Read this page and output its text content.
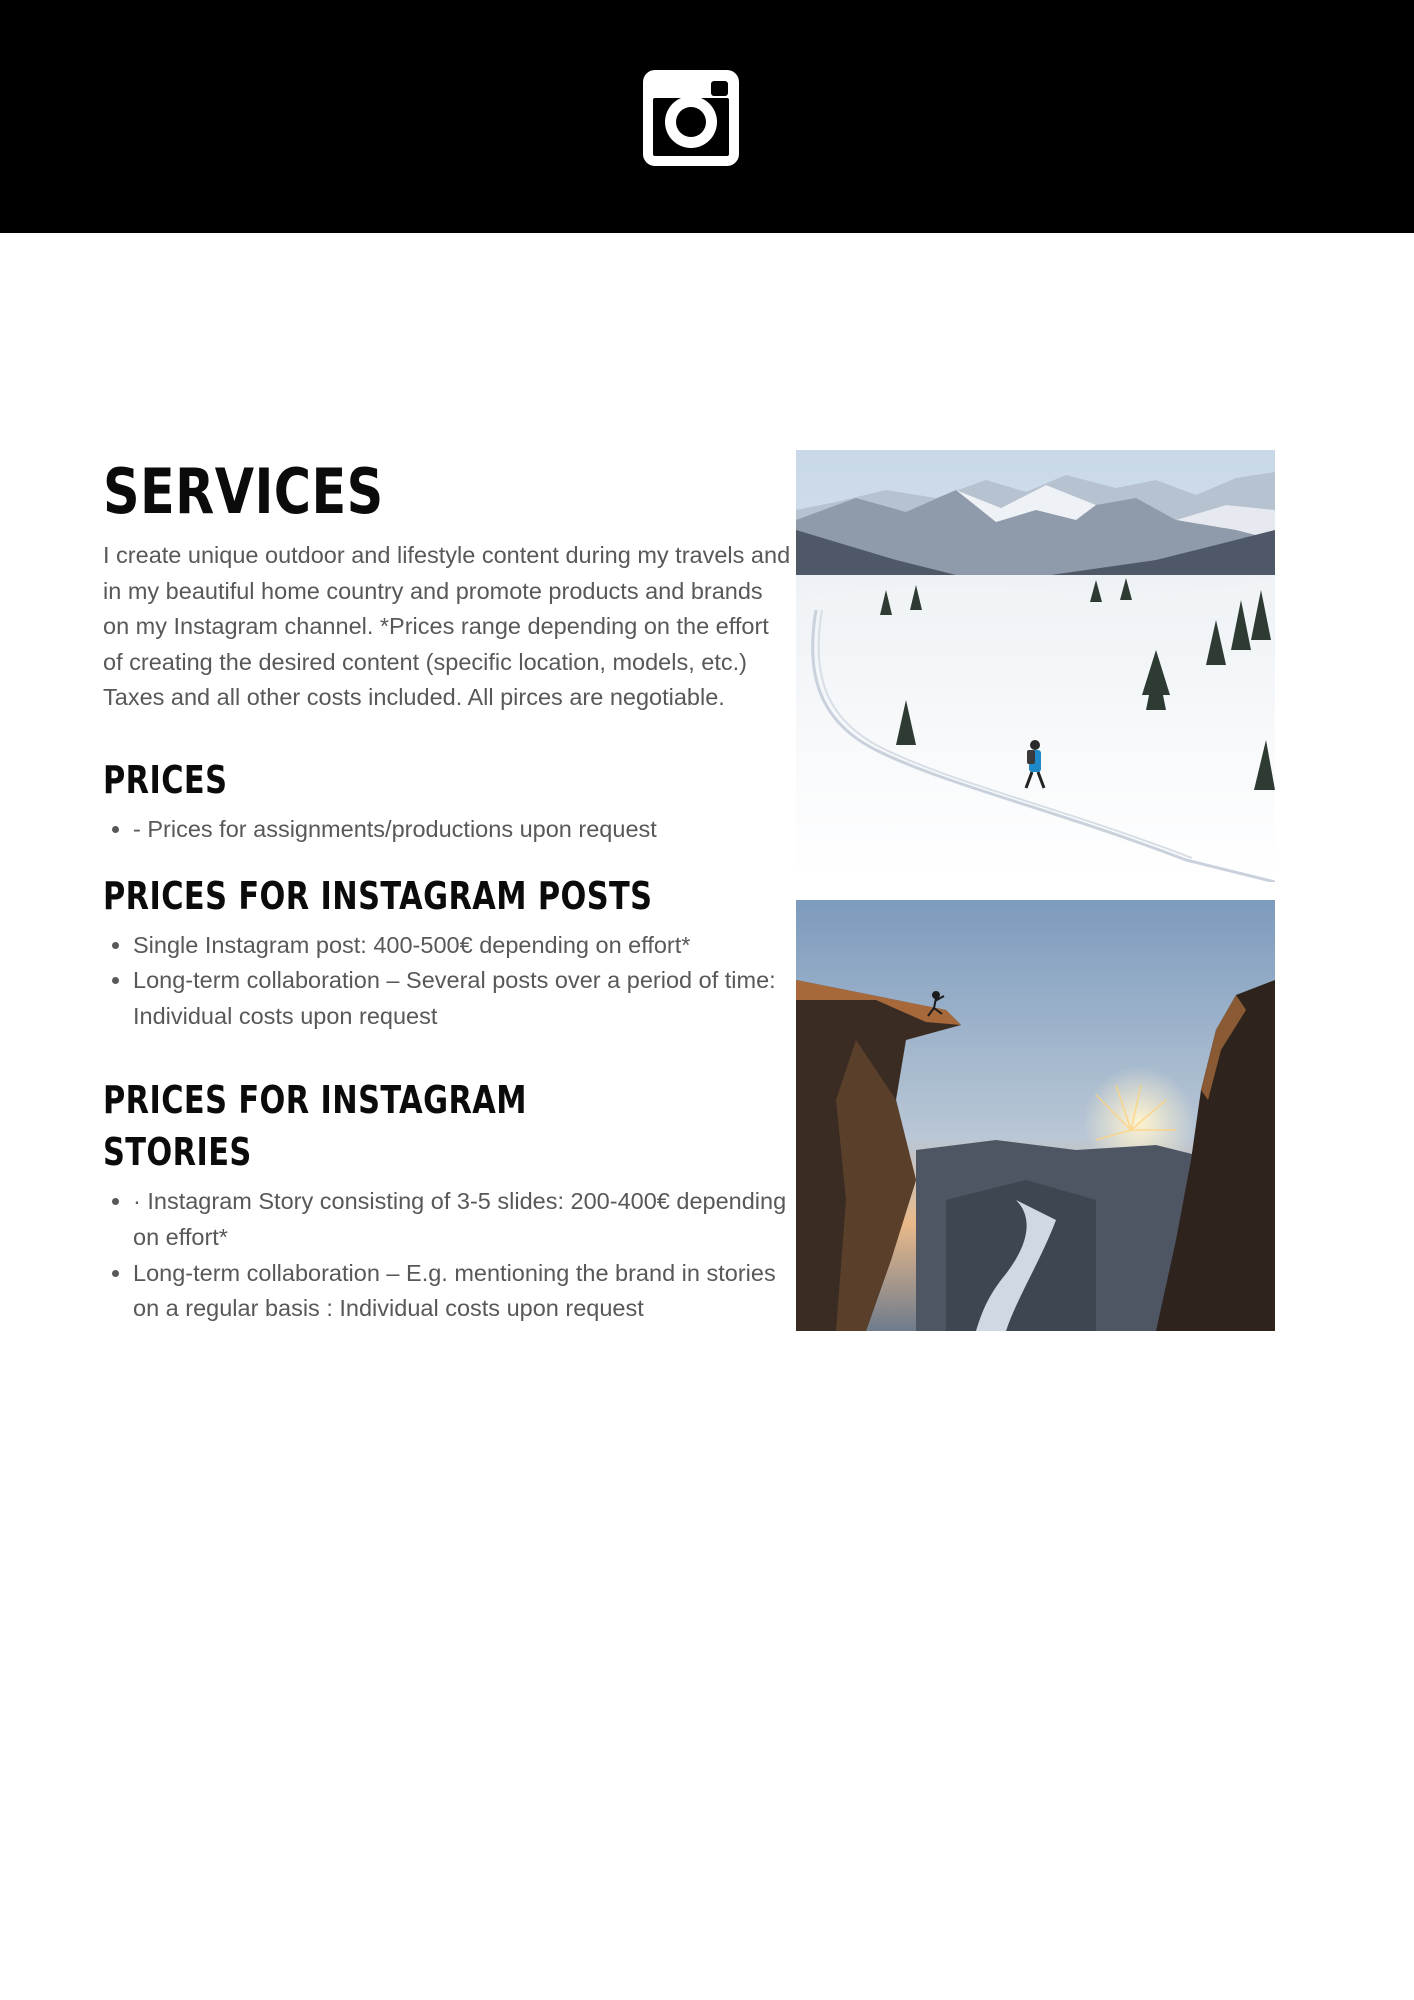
SERVICES

I create unique outdoor and lifestyle content during my travels and in my beautiful home country and promote products and brands on my Instagram channel. *Prices range depending on the effort of creating the desired content (specific location, models, etc.) Taxes and all other costs included. All pirces are negotiable.

PRICES
• - Prices for assignments/productions upon request
PRICES FOR INSTAGRAM POSTS
• Single Instagram post: 400-500€ depending on effort*
• Long-term collaboration – Several posts over a period of time: Individual costs upon request
PRICES FOR INSTAGRAM STORIES
• · Instagram Story consisting of 3-5 slides: 200-400€ depending on effort*
• Long-term collaboration – E.g. mentioning the brand in stories on a regular basis : Individual costs upon request
